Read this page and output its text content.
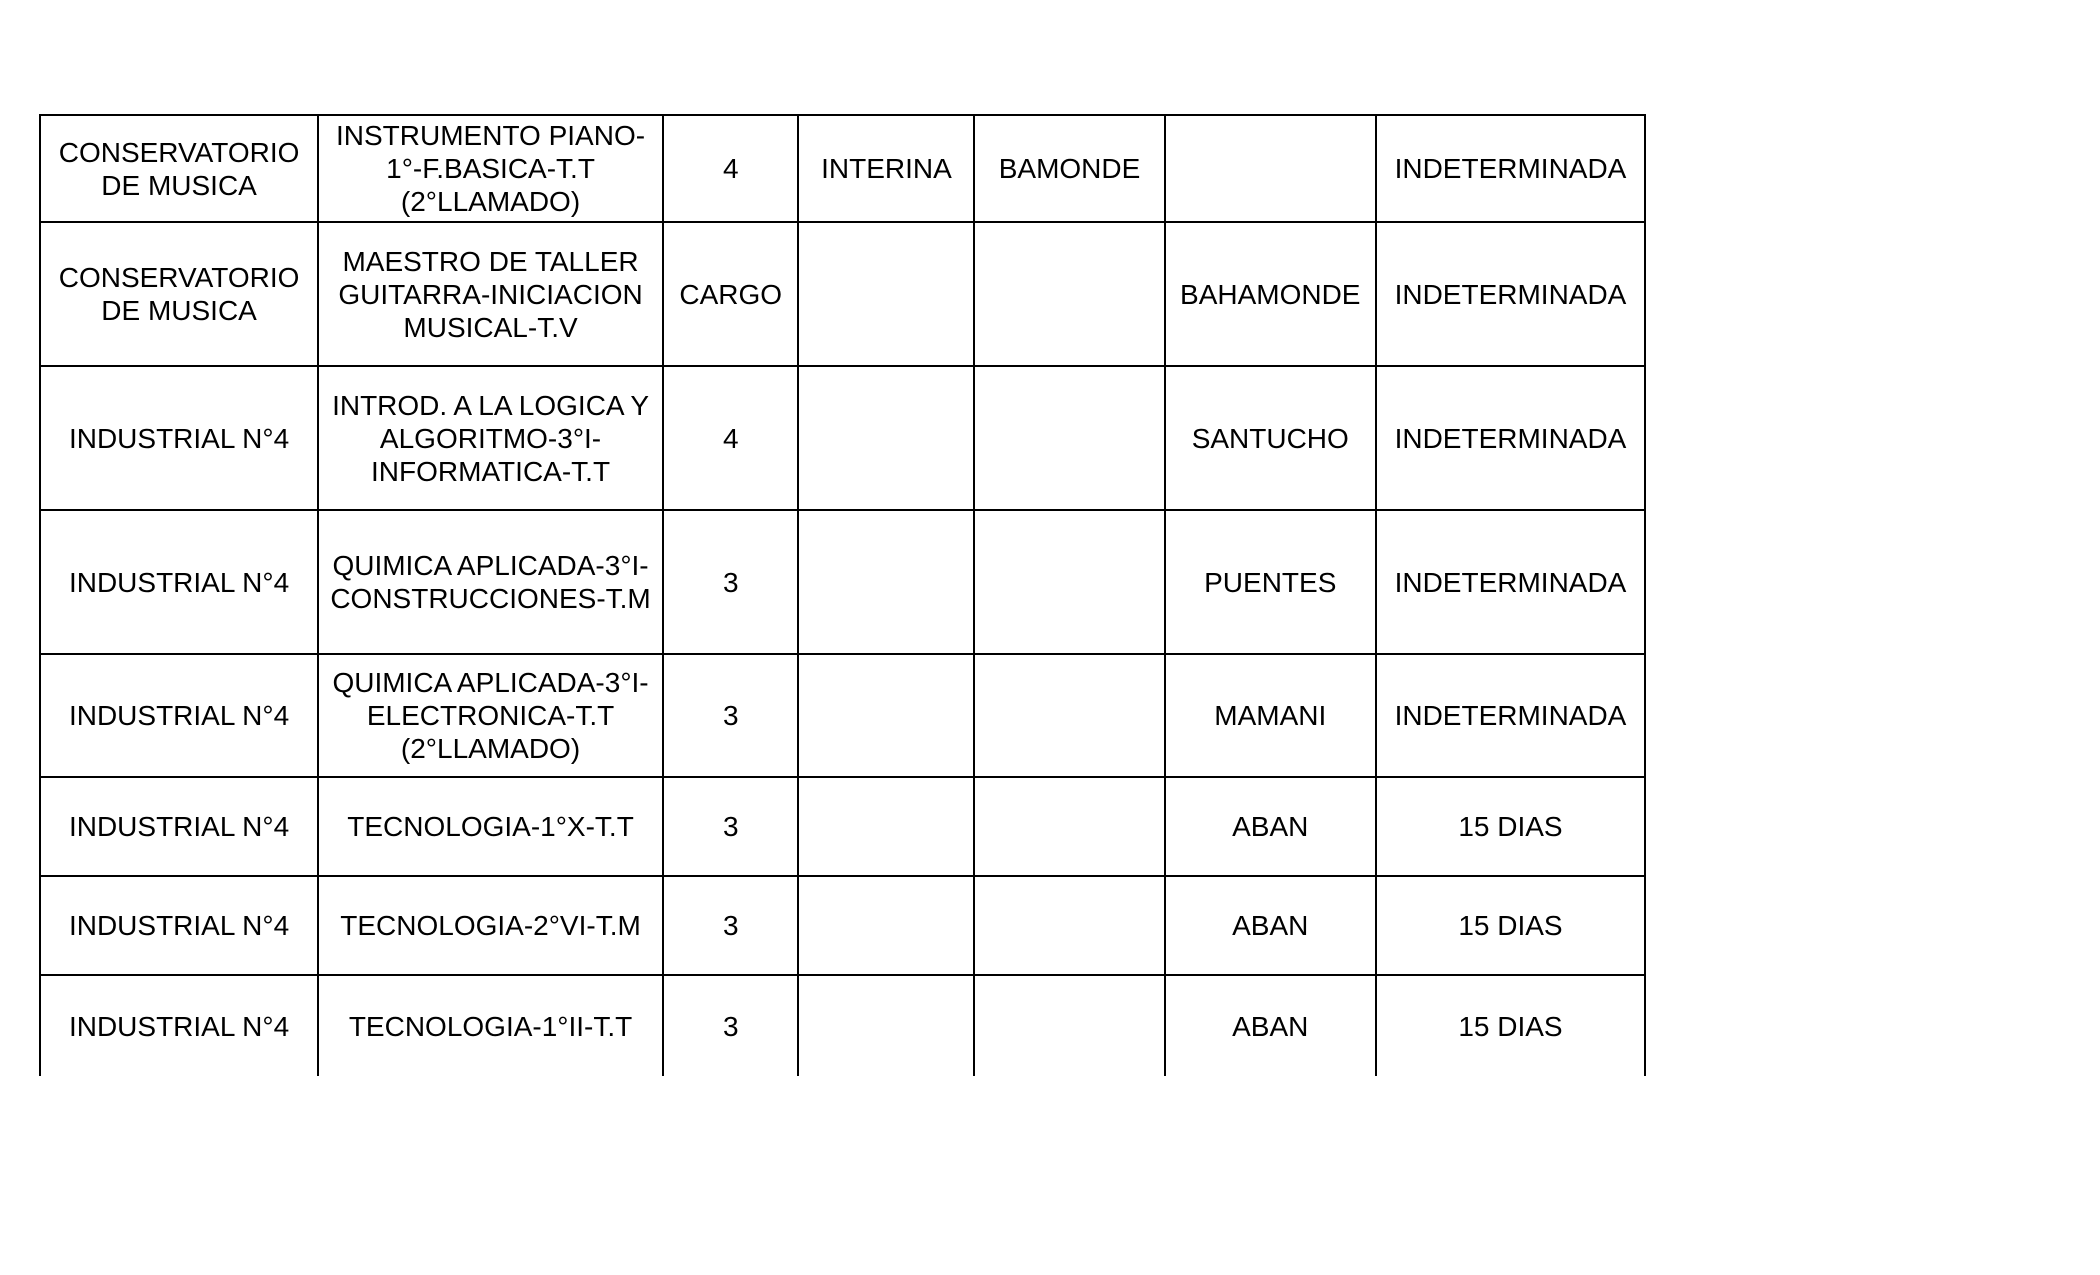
CONSERVATORIO DE MUSICA	INSTRUMENTO PIANO-1°-F.BASICA-T.T (2°LLAMADO)	4	INTERINA	BAMONDE		INDETERMINADA
CONSERVATORIO DE MUSICA	MAESTRO DE TALLER GUITARRA-INICIACION MUSICAL-T.V	CARGO			BAHAMONDE	INDETERMINADA
INDUSTRIAL N°4	INTROD. A LA LOGICA Y ALGORITMO-3°I-INFORMATICA-T.T	4			SANTUCHO	INDETERMINADA
INDUSTRIAL N°4	QUIMICA APLICADA-3°I-CONSTRUCCIONES-T.M	3			PUENTES	INDETERMINADA
INDUSTRIAL N°4	QUIMICA APLICADA-3°I-ELECTRONICA-T.T (2°LLAMADO)	3			MAMANI	INDETERMINADA
INDUSTRIAL N°4	TECNOLOGIA-1°X-T.T	3			ABAN	15 DIAS
INDUSTRIAL N°4	TECNOLOGIA-2°VI-T.M	3			ABAN	15 DIAS
INDUSTRIAL N°4	TECNOLOGIA-1°II-T.T	3			ABAN	15 DIAS
